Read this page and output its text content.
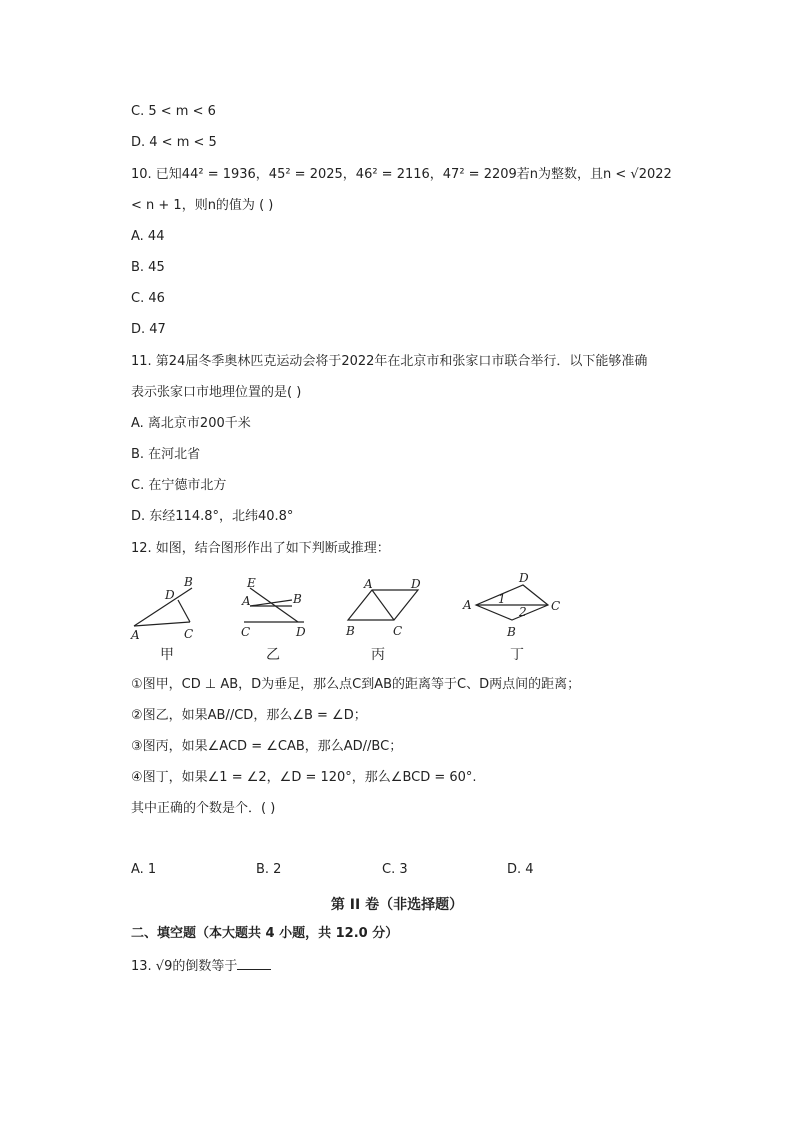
C. 5 < m < 6
D. 4 < m < 5
10. 已知44² = 1936，45² = 2025，46² = 2116，47² = 2209若n为整数，且n < √2022
< n + 1，则n的值为 ( )
A. 44
B. 45
C. 46
D. 47
11. 第24届冬季奥林匹克运动会将于2022年在北京市和张家口市联合举行．以下能够准确
表示张家口市地理位置的是( )
A. 离北京市200千米
B. 在河北省
C. 在宁德市北方
D. 东经114.8°，北纬40.8°
12. 如图，结合图形作出了如下判断或推理：
B
D
A	C
E
A	B
C	D
A	D
B	C
D
A 1
2 C
B
甲	乙	丙	丁
①图甲，CD ⊥ AB，D为垂足，那么点C到AB的距离等于C、D两点间的距离；
②图乙，如果AB//CD，那么∠B = ∠D；
③图丙，如果∠ACD = ∠CAB，那么AD//BC；
④图丁，如果∠1 = ∠2，∠D = 120°，那么∠BCD = 60°.
其中正确的个数是个．( )
A. 1	B. 2	C. 3	D. 4
第 II 卷（非选择题）
二、填空题（本大题共 4 小题，共 12.0 分）
13. √9的倒数等于
